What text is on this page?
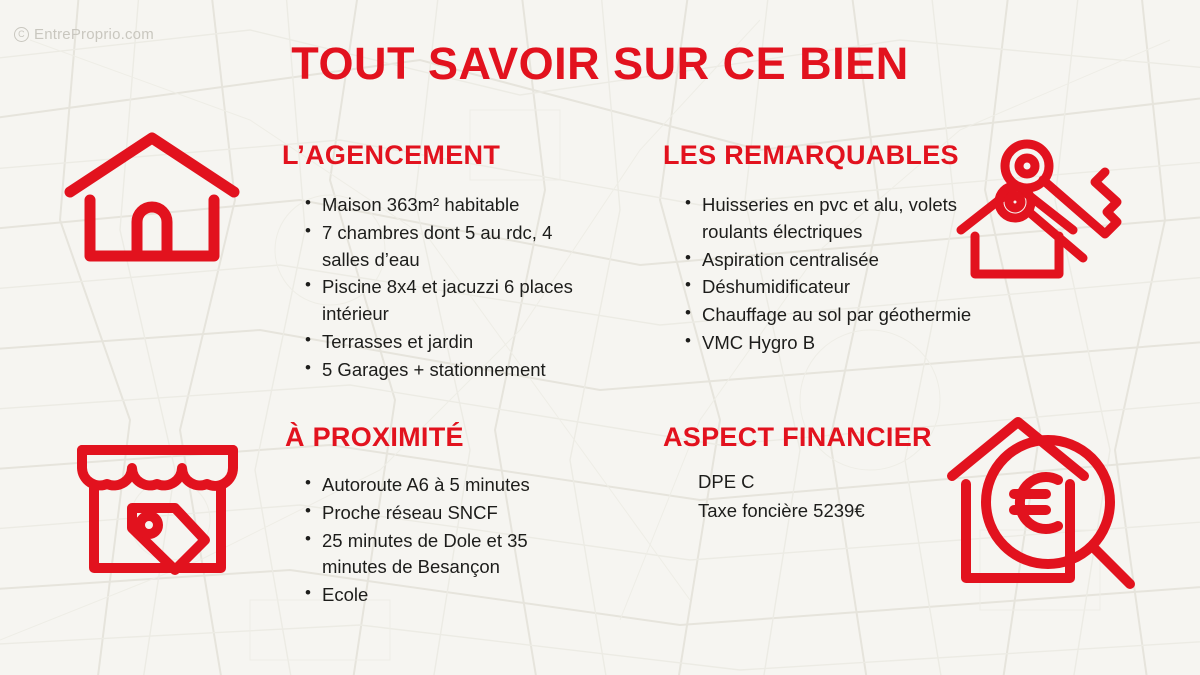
C EntreProprio.com
TOUT SAVOIR SUR CE BIEN
L’AGENCEMENT
• Maison 363m² habitable
• 7 chambres dont 5 au rdc, 4 salles d’eau
• Piscine 8x4 et jacuzzi 6 places intérieur
• Terrasses et jardin
• 5 Garages + stationnement
À PROXIMITÉ
• Autoroute A6 à 5 minutes
• Proche réseau SNCF
• 25 minutes de Dole et 35 minutes de Besançon
• Ecole
LES REMARQUABLES
• Huisseries en pvc et alu, volets roulants électriques
• Aspiration centralisée
• Déshumidificateur
• Chauffage au sol par géothermie
• VMC Hygro B
ASPECT FINANCIER
DPE C
Taxe foncière 5239€
